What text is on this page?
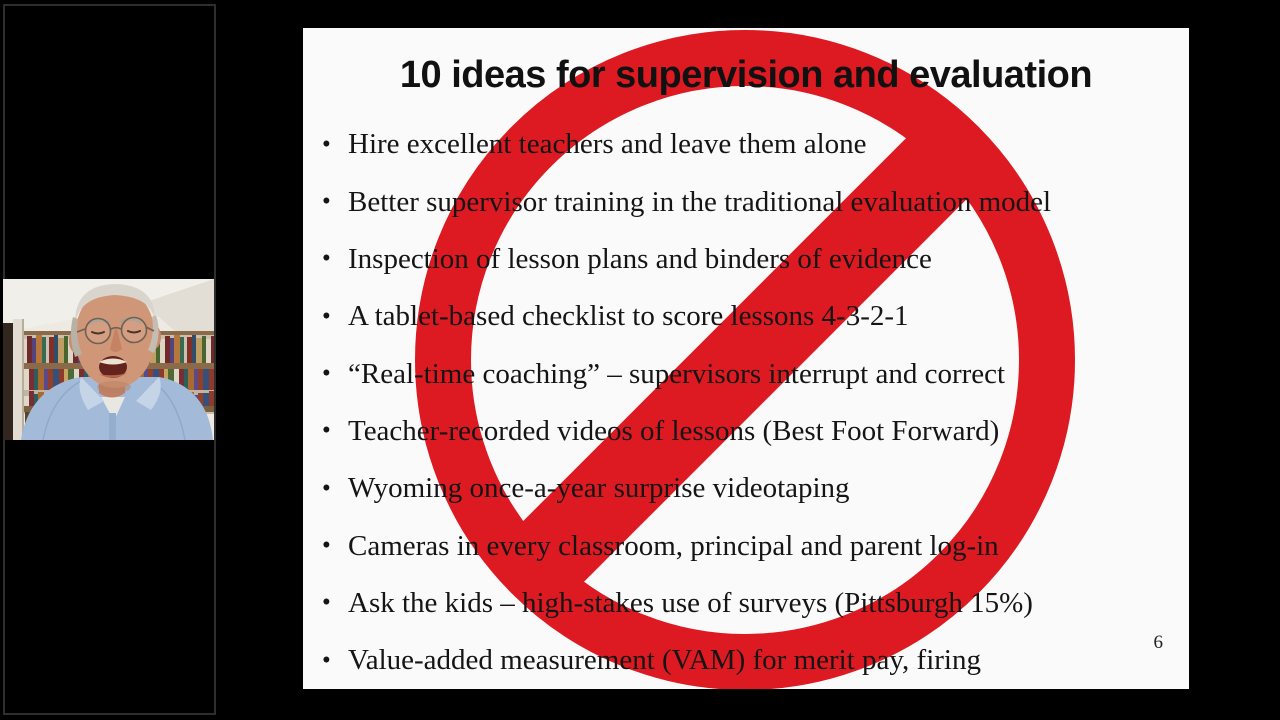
10 ideas for supervision and evaluation
• Hire excellent teachers and leave them alone
• Better supervisor training in the traditional evaluation model
• Inspection of lesson plans and binders of evidence
• A tablet-based checklist to score lessons 4-3-2-1
• “Real-time coaching” – supervisors interrupt and correct
• Teacher-recorded videos of lessons (Best Foot Forward)
• Wyoming once-a-year surprise videotaping
• Cameras in every classroom, principal and parent log-in
• Ask the kids – high-stakes use of surveys (Pittsburgh 15%)
• Value-added measurement (VAM) for merit pay, firing
6
